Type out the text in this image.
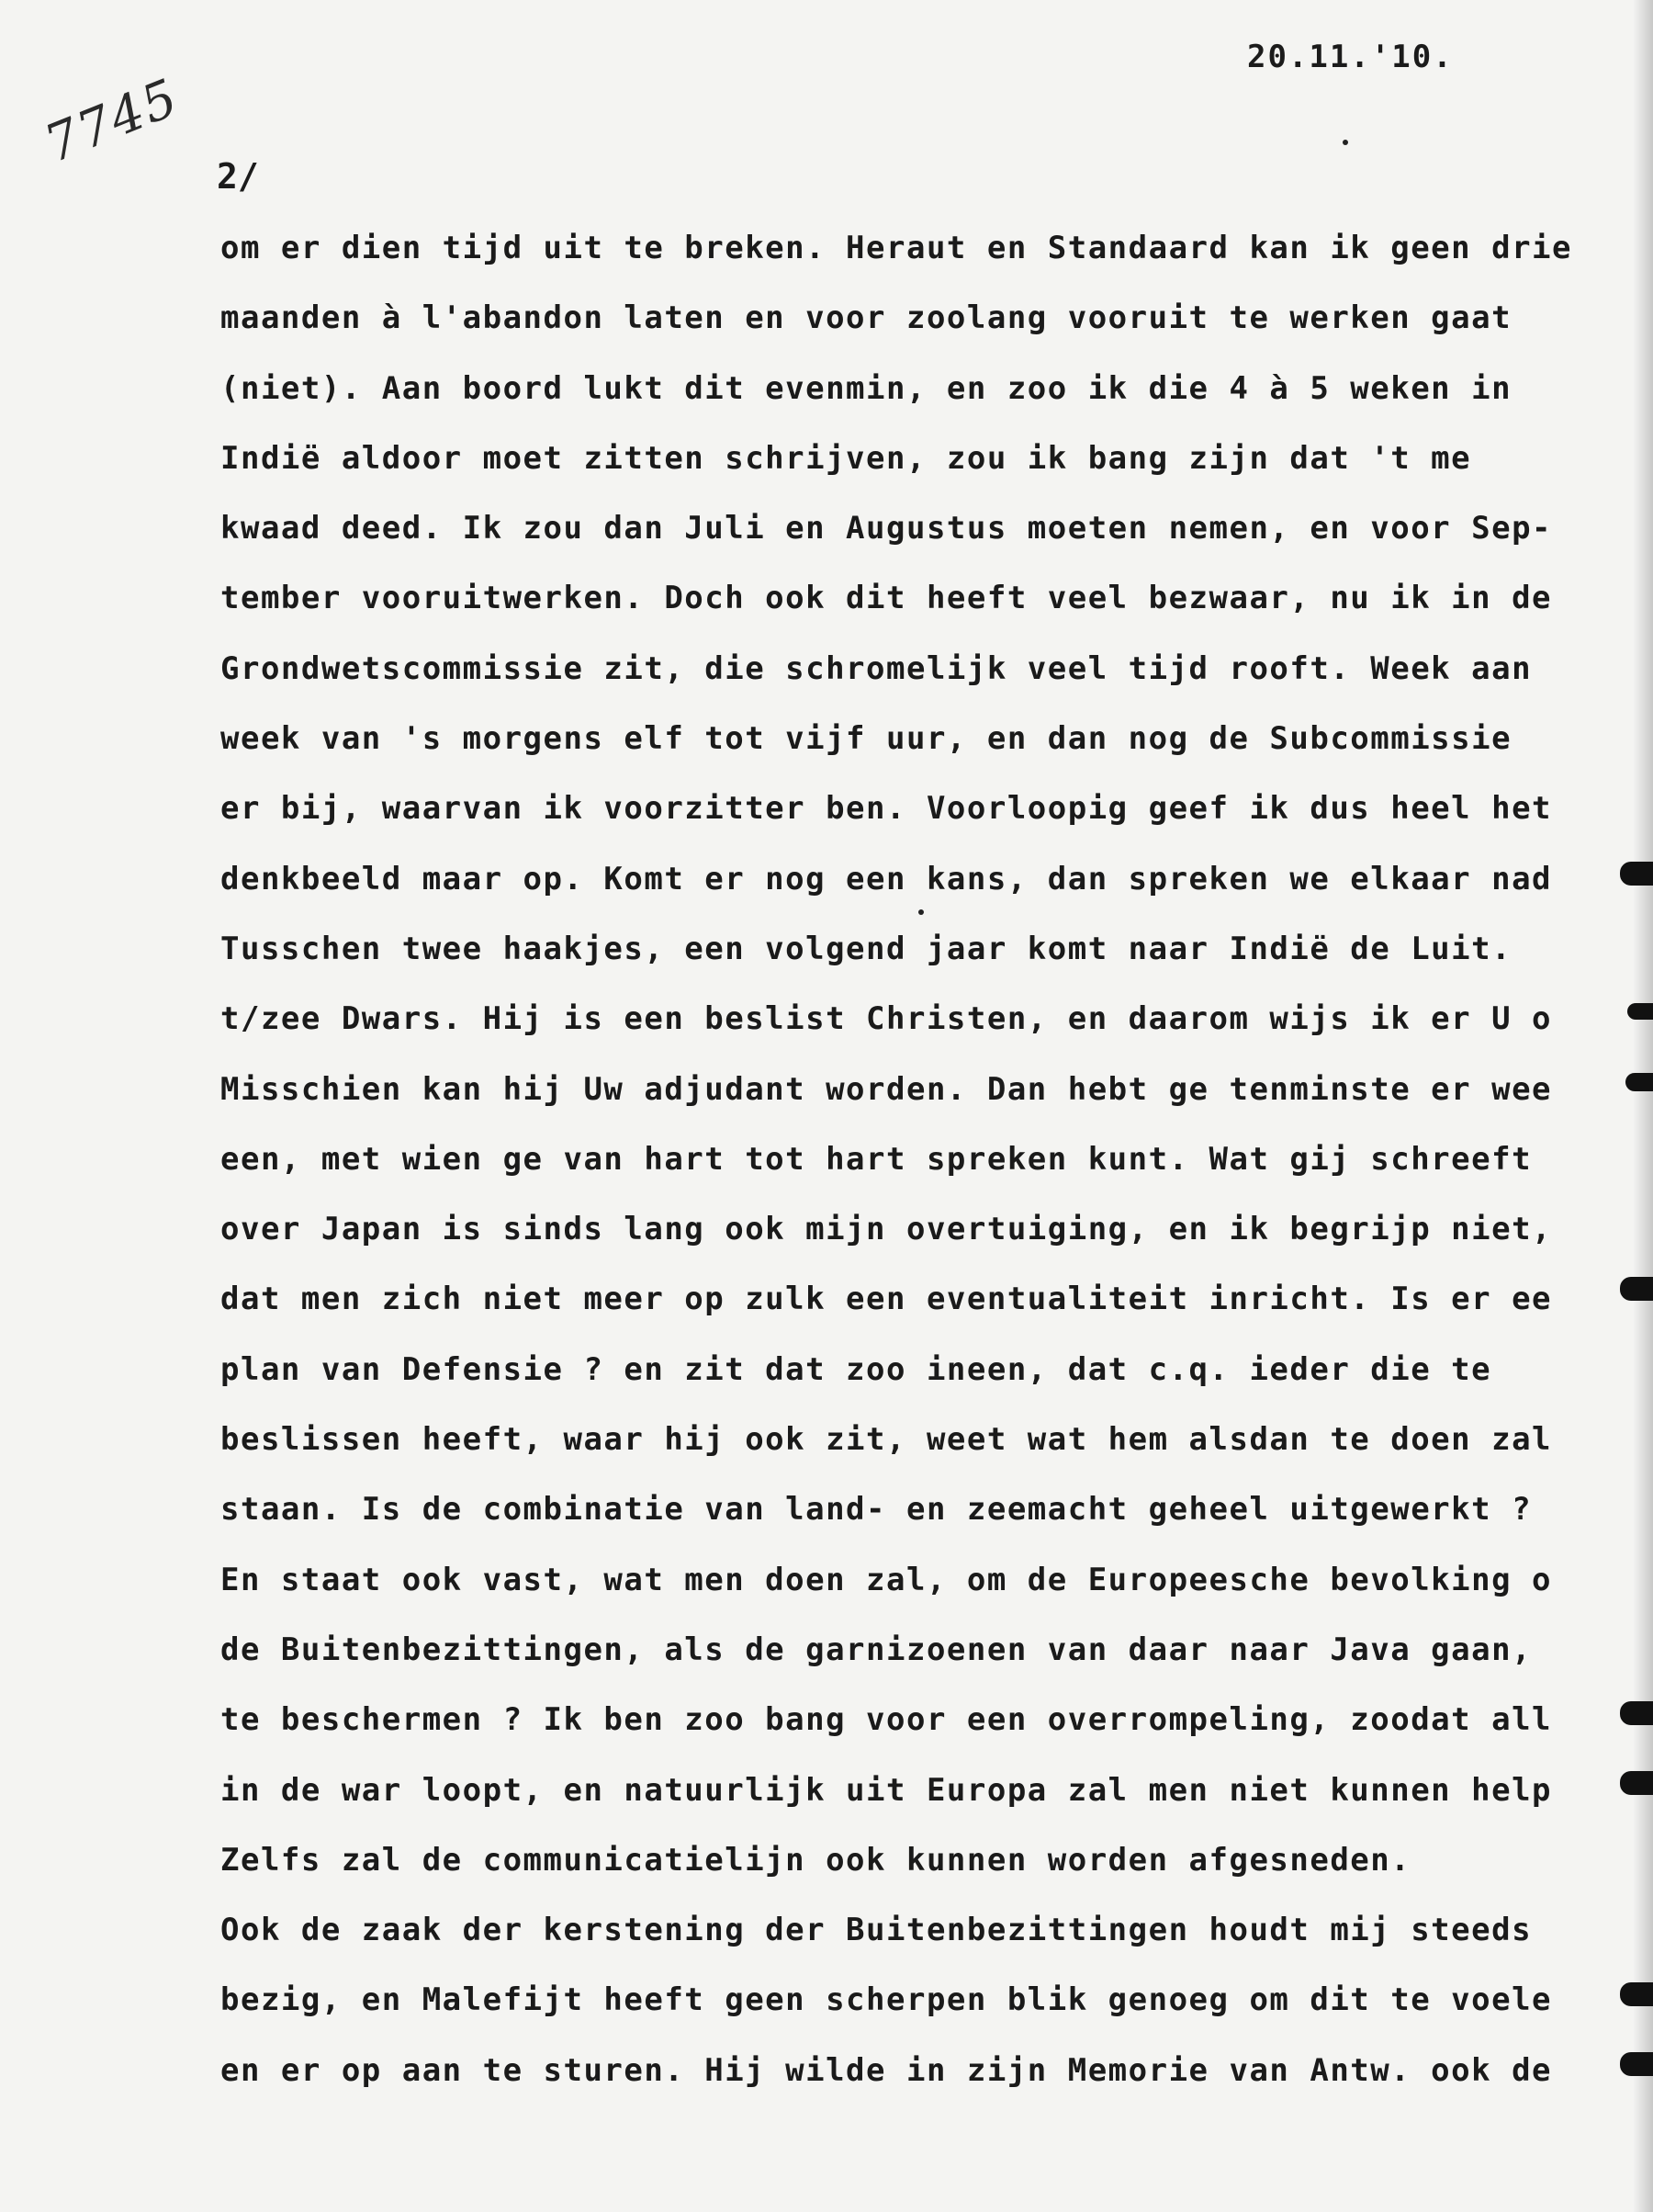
7745
20.11.'10.
2/
om er dien tijd uit te breken. Heraut en Standaard kan ik geen drie
maanden à l'abandon laten en voor zoolang vooruit te werken gaat
(niet). Aan boord lukt dit evenmin, en zoo ik die 4 à 5 weken in
Indië aldoor moet zitten schrijven, zou ik bang zijn dat 't me
kwaad deed. Ik zou dan Juli en Augustus moeten nemen, en voor Sep-
tember vooruitwerken. Doch ook dit heeft veel bezwaar, nu ik in de
Grondwetscommissie zit, die schromelijk veel tijd rooft. Week aan
week van 's morgens elf tot vijf uur, en dan nog de Subcommissie
er bij, waarvan ik voorzitter ben. Voorloopig geef ik dus heel het
denkbeeld maar op. Komt er nog een kans, dan spreken we elkaar nad
Tusschen twee haakjes, een volgend jaar komt naar Indië de Luit.
t/zee Dwars. Hij is een beslist Christen, en daarom wijs ik er U o
Misschien kan hij Uw adjudant worden. Dan hebt ge tenminste er wee
een, met wien ge van hart tot hart spreken kunt. Wat gij schreeft
over Japan is sinds lang ook mijn overtuiging, en ik begrijp niet,
dat men zich niet meer op zulk een eventualiteit inricht. Is er ee
plan van Defensie ? en zit dat zoo ineen, dat c.q. ieder die te
beslissen heeft, waar hij ook zit, weet wat hem alsdan te doen zal
staan. Is de combinatie van land- en zeemacht geheel uitgewerkt ?
En staat ook vast, wat men doen zal, om de Europeesche bevolking o
de Buitenbezittingen, als de garnizoenen van daar naar Java gaan,
te beschermen ? Ik ben zoo bang voor een overrompeling, zoodat all
in de war loopt, en natuurlijk uit Europa zal men niet kunnen help
Zelfs zal de communicatielijn ook kunnen worden afgesneden.
Ook de zaak der kerstening der Buitenbezittingen houdt mij steeds
bezig, en Malefijt heeft geen scherpen blik genoeg om dit te voele
en er op aan te sturen. Hij wilde in zijn Memorie van Antw. ook de
